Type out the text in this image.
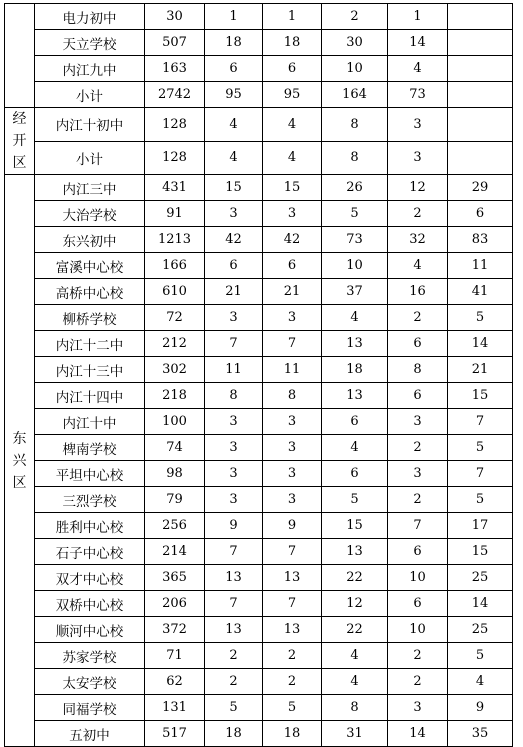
	电力初中	30	1	1	2	1	
	天立学校	507	18	18	30	14	
	内江九中	163	6	6	10	4	
	小计	2742	95	95	164	73	
经开区	内江十初中	128	4	4	8	3	
	小计	128	4	4	8	3	
东兴区	内江三中	431	15	15	26	12	29
	大治学校	91	3	3	5	2	6
	东兴初中	1213	42	42	73	32	83
	富溪中心校	166	6	6	10	4	11
	高桥中心校	610	21	21	37	16	41
	柳桥学校	72	3	3	4	2	5
	内江十二中	212	7	7	13	6	14
	内江十三中	302	11	11	18	8	21
	内江十四中	218	8	8	13	6	15
	内江十中	100	3	3	6	3	7
	椑南学校	74	3	3	4	2	5
	平坦中心校	98	3	3	6	3	7
	三烈学校	79	3	3	5	2	5
	胜利中心校	256	9	9	15	7	17
	石子中心校	214	7	7	13	6	15
	双才中心校	365	13	13	22	10	25
	双桥中心校	206	7	7	12	6	14
	顺河中心校	372	13	13	22	10	25
	苏家学校	71	2	2	4	2	5
	太安学校	62	2	2	4	2	4
	同福学校	131	5	5	8	3	9
	五初中	517	18	18	31	14	35
